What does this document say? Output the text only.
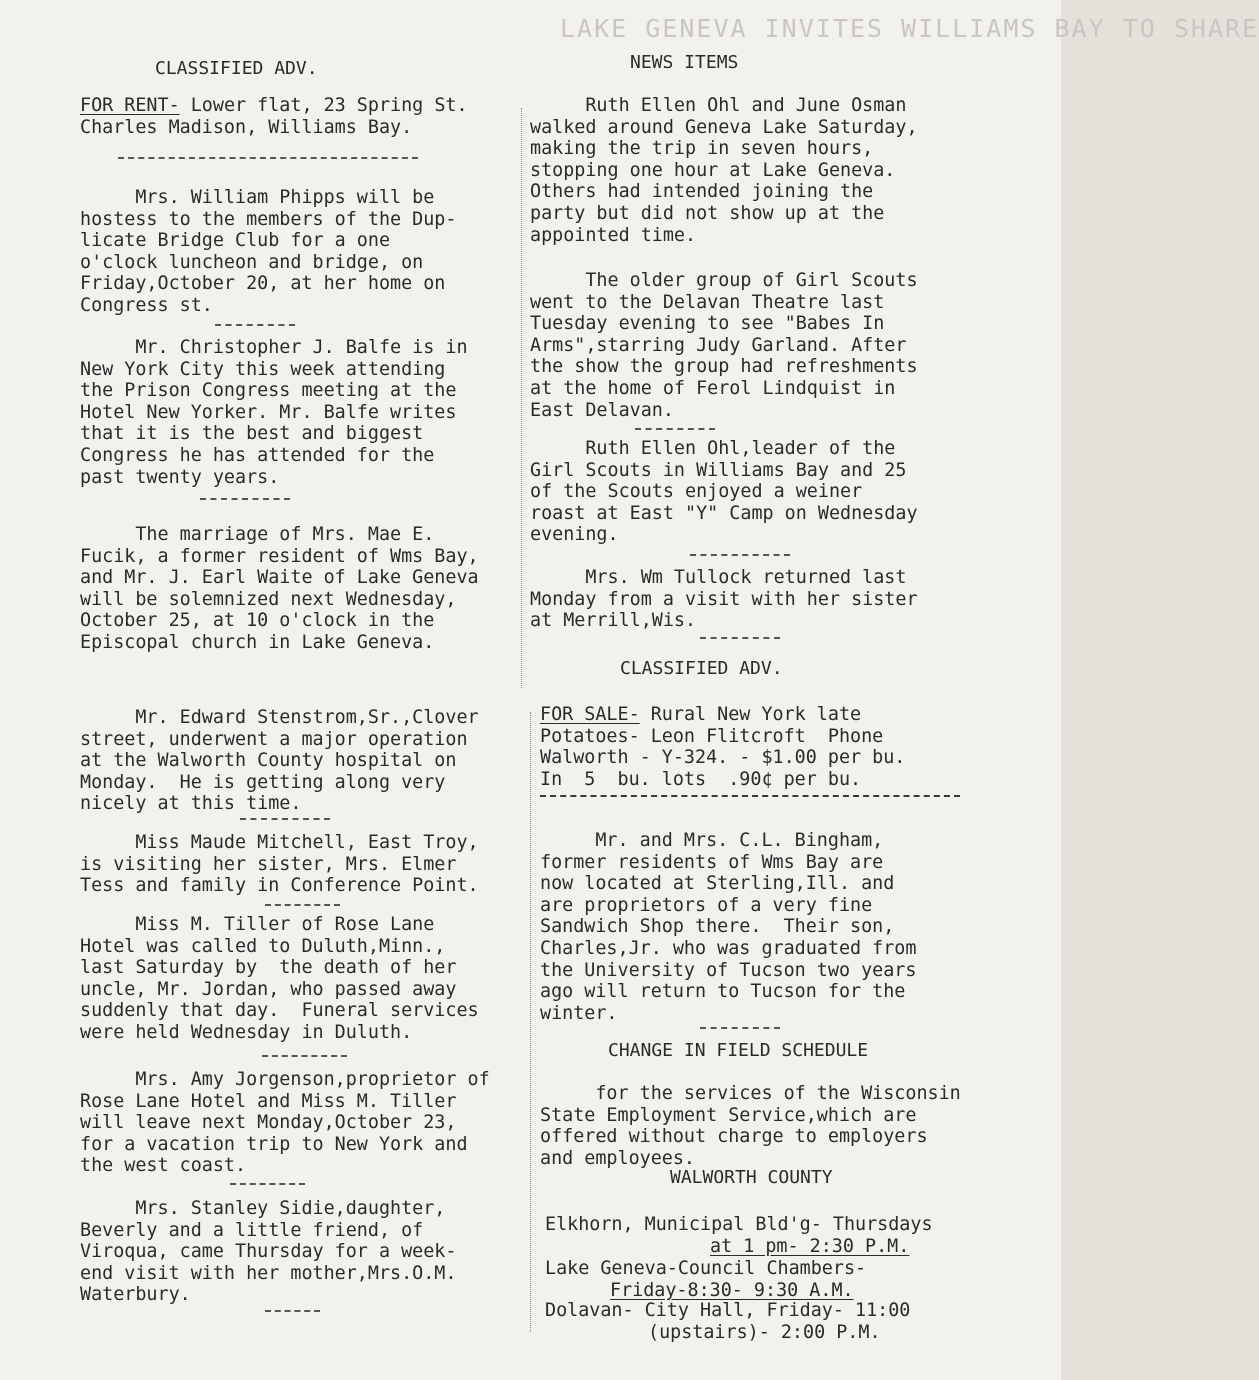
LAKE GENEVA INVITES WILLIAMS BAY TO SHARE
CLASSIFIED ADV.	NEWS ITEMS
FOR RENT- Lower flat, 23 Spring St.
Charles Madison, Williams Bay.
Mrs. William Phipps will be
hostess to the members of the Dup-
licate Bridge Club for a one
o'clock luncheon and bridge, on
Friday,October 20, at her home on
Congress st.
Mr. Christopher J. Balfe is in
New York City this week attending
the Prison Congress meeting at the
Hotel New Yorker. Mr. Balfe writes
that it is the best and biggest
Congress he has attended for the
past twenty years.
The marriage of Mrs. Mae E.
Fucik, a former resident of Wms Bay,
and Mr. J. Earl Waite of Lake Geneva
will be solemnized next Wednesday,
October 25, at 10 o'clock in the
Episcopal church in Lake Geneva.
Ruth Ellen Ohl and June Osman
walked around Geneva Lake Saturday,
making the trip in seven hours,
stopping one hour at Lake Geneva.
Others had intended joining the
party but did not show up at the
appointed time.
The older group of Girl Scouts
went to the Delavan Theatre last
Tuesday evening to see "Babes In
Arms",starring Judy Garland. After
the show the group had refreshments
at the home of Ferol Lindquist in
East Delavan.
Ruth Ellen Ohl,leader of the
Girl Scouts in Williams Bay and 25
of the Scouts enjoyed a weiner
roast at East "Y" Camp on Wednesday
evening.
Mrs. Wm Tullock returned last
Monday from a visit with her sister
at Merrill,Wis.
CLASSIFIED ADV.
Mr. Edward Stenstrom,Sr.,Clover
street, underwent a major operation
at the Walworth County hospital on
Monday.  He is getting along very
nicely at this time.
Miss Maude Mitchell, East Troy,
is visiting her sister, Mrs. Elmer
Tess and family in Conference Point.
Miss M. Tiller of Rose Lane
Hotel was called to Duluth,Minn.,
last Saturday by  the death of her
uncle, Mr. Jordan, who passed away
suddenly that day.  Funeral services
were held Wednesday in Duluth.
Mrs. Amy Jorgenson,proprietor of
Rose Lane Hotel and Miss M. Tiller
will leave next Monday,October 23,
for a vacation trip to New York and
the west coast.
Mrs. Stanley Sidie,daughter,
Beverly and a little friend, of
Viroqua, came Thursday for a week-
end visit with her mother,Mrs.O.M.
Waterbury.
FOR SALE- Rural New York late
Potatoes- Leon Flitcroft  Phone
Walworth - Y-324. - $1.00 per bu.
In  5  bu. lots  .90¢ per bu.
Mr. and Mrs. C.L. Bingham,
former residents of Wms Bay are
now located at Sterling,Ill. and
are proprietors of a very fine
Sandwich Shop there.  Their son,
Charles,Jr. who was graduated from
the University of Tucson two years
ago will return to Tucson for the
winter.
CHANGE IN FIELD SCHEDULE
for the services of the Wisconsin
State Employment Service,which are
offered without charge to employers
and employees.
WALWORTH COUNTY
Elkhorn, Municipal Bld'g- Thursdays
at 1 pm- 2:30 P.M.
Lake Geneva-Council Chambers-
Friday-8:30- 9:30 A.M.
Dolavan- City Hall, Friday- 11:00
(upstairs)- 2:00 P.M.
